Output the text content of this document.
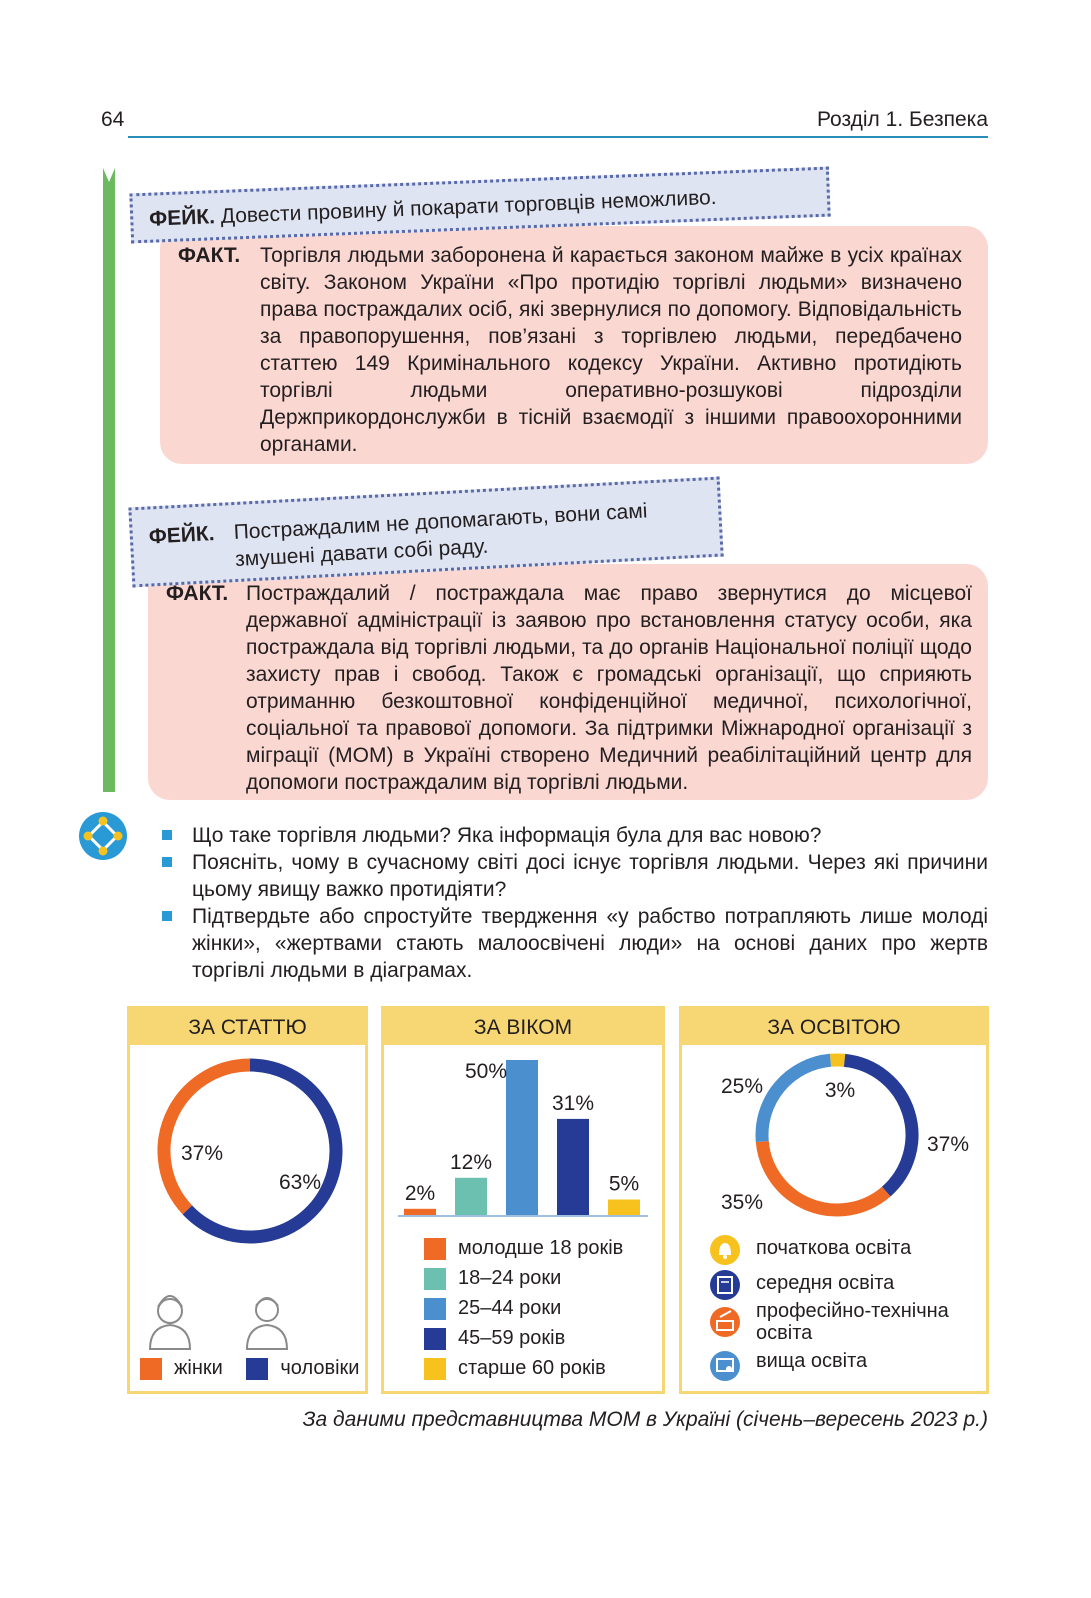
64	Розділ 1. Безпека
ФАКТ. Торгівля людьми заборонена й карається законом майже в усіх країнах світу. Законом України «Про протидію торгівлі людьми» визначено права постраждалих осіб, які звернулися по допомогу. Відповідальність за правопорушення, пов’язані з торгівлею людьми, передбачено статтею 149 Кримінального кодексу України. Активно протидіють торгівлі людьми оперативно-розшукові підрозділи Держприкордонслужби в тісній взаємодії з іншими правоохоронними органами.
ФЕЙК. Довести провину й покарати торговців неможливо.
ФАКТ. Постраждалий / постраждала має право звернутися до місцевої державної адміністрації із заявою про встановлення статусу особи, яка постраждала від торгівлі людьми, та до органів Національної поліції щодо захисту прав і свобод. Також є громадські організації, що сприяють отриманню безкоштовної конфіденційної медичної, психологічної, соціальної та правової допомоги. За підтримки Міжнародної організації з міграції (МОМ) в Україні створено Медичний реабілітаційний центр для допомоги постраждалим від торгівлі людьми.
ФЕЙК. Постраждалим не допомагають, вони самі змушені давати собі раду.
Що таке торгівля людьми? Яка інформація була для вас новою?
Поясніть, чому в сучасному світі досі існує торгівля людьми. Через які причини цьому явищу важко протидіяти?
Підтвердьте або спростуйте твердження «у рабство потрапляють лише молоді жінки», «жертвами стають малоосвічені люди» на основі даних про жертв торгівлі людьми в діаграмах.
ЗА СТАТТЮ
63%
37%
жінки	чоловіки
ЗА ВІКОМ
2%
12%
50%
31%
5%
молодше 18 років
18–24 роки
25–44 роки
45–59 років
старше 60 років
ЗА ОСВІТОЮ
3%
37%
35%
25%
початкова освіта
середня освіта
професійно-технічна освіта
вища освіта
За даними представництва МОМ в Україні (січень–вересень 2023 р.)
